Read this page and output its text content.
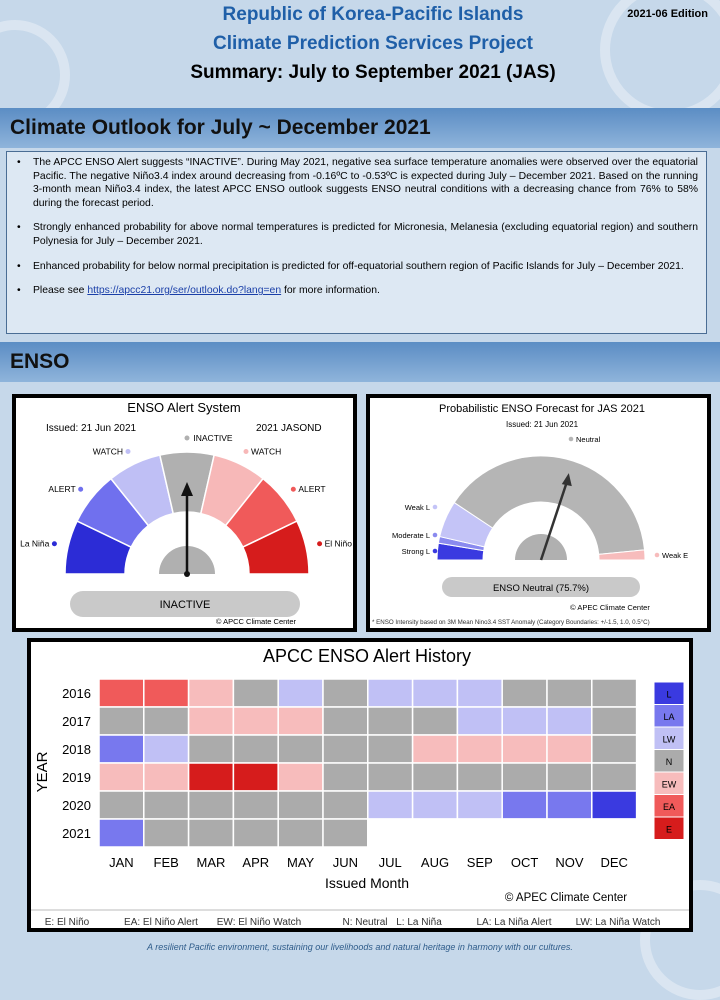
Republic of Korea-Pacific Islands
Climate Prediction Services Project
Summary: July to September 2021 (JAS)
2021-06 Edition
Climate Outlook for July ~ December 2021
• The APCC ENSO Alert suggests “INACTIVE”. During May 2021, negative sea surface temperature anomalies were observed over the equatorial Pacific. The negative Niño3.4 index around decreasing from -0.16ºC to -0.53ºC is expected during July – December 2021. Based on the running 3-month mean Niño3.4 index, the latest APCC ENSO outlook suggests ENSO neutral conditions with a decreasing chance from 76% to 58% during the forecast period.
• Strongly enhanced probability for above normal temperatures is predicted for Micronesia, Melanesia (excluding equatorial region) and southern Polynesia for July – December 2021.
• Enhanced probability for below normal precipitation is predicted for off-equatorial southern region of Pacific Islands for July – December 2021.
• Please see https://apcc21.org/ser/outlook.do?lang=en for more information.
ENSO
ENSO Alert System
Issued: 21 Jun 2021	2021 JASOND
La Niña
ALERT
WATCH
INACTIVE
WATCH
ALERT
El Niño
INACTIVE
© APCC Climate Center
Probabilistic ENSO Forecast for JAS 2021
Issued: 21 Jun 2021
Strong L
Moderate L
Weak L
Neutral
Weak E
ENSO Neutral (75.7%)
© APEC Climate Center
* ENSO Intensity based on 3M Mean Nino3.4 SST Anomaly (Category Boundaries: +/-1.5, 1.0, 0.5°C)
APCC ENSO Alert History
Issued Month
YEAR
© APEC Climate Center
2016
2017
2018
2019
2020
2021
JAN FEB MAR APR MAY JUN JUL AUG SEP OCT NOV DEC
L
LA
LW
N
EW
EA
E
E: El Niño	EA: El Niño Alert EW: El Niño Watch	N: Neutral L: La Niña	LA: La Niña Alert LW: La Niña Watch
A resilient Pacific environment, sustaining our livelihoods and natural heritage in harmony with our cultures.
